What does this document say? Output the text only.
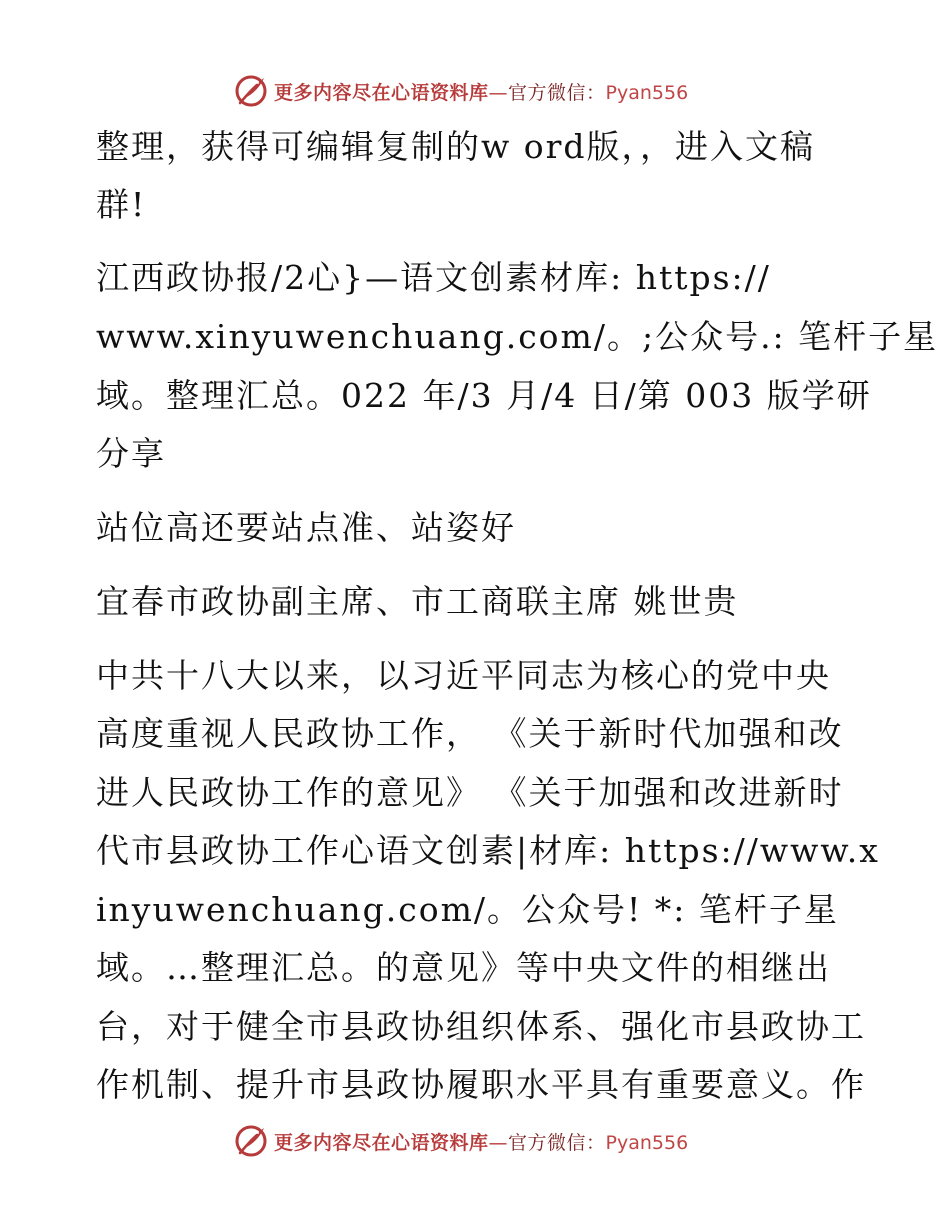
更多内容尽在心语资料库—官方微信：Pyan556
整理，获得可编辑复制的w ord版，，进入文稿
群!
江西政协报/2心}—语文创素材库: https://
www.xinyuwenchuang.com/。;公众号.: 笔杆子星
域。整理汇总。022 年/3 月/4 日/第 003 版学研
分享
站位高还要站点准、站姿好
宜春市政协副主席、市工商联主席 姚世贵
中共十八大以来，以习近平同志为核心的党中央
高度重视人民政协工作， 《关于新时代加强和改
进人民政协工作的意见》 《关于加强和改进新时
代市县政协工作心语文创素|材库: https://www.x
inyuwenchuang.com/。公众号! *: 笔杆子星
域。…整理汇总。的意见》等中央文件的相继出
台，对于健全市县政协组织体系、强化市县政协工
作机制、提升市县政协履职水平具有重要意义。作
更多内容尽在心语资料库—官方微信：Pyan556
